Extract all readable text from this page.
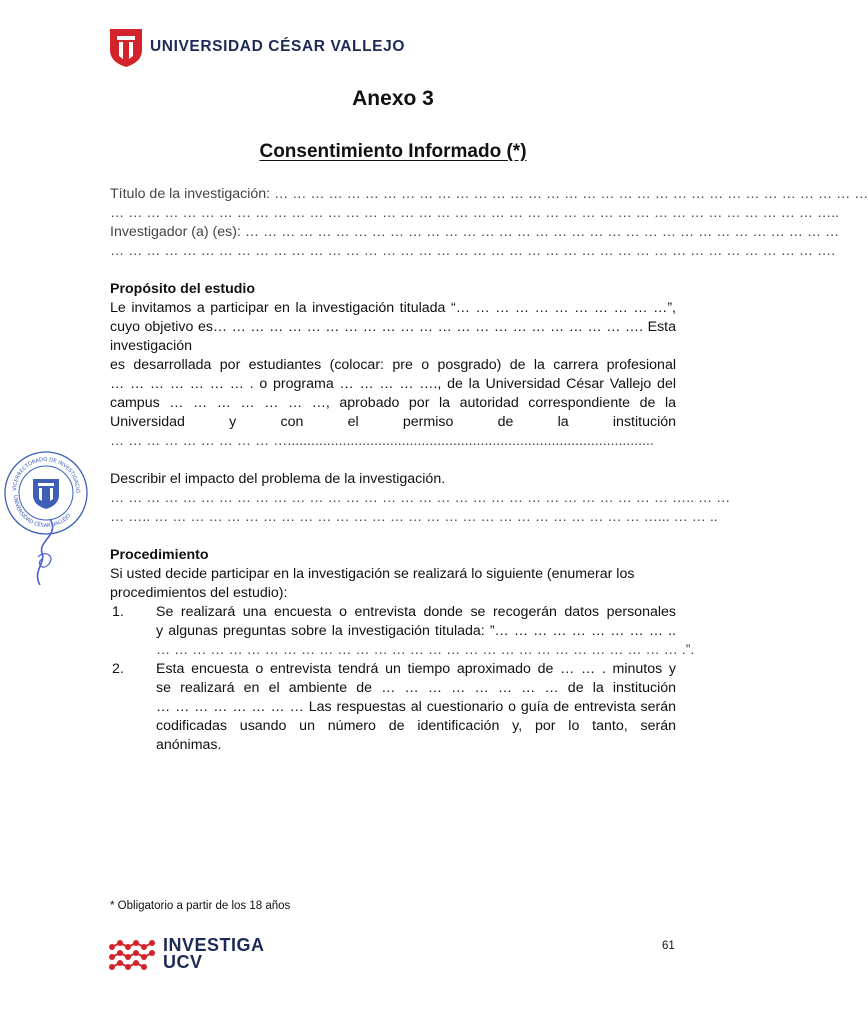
UNIVERSIDAD CÉSAR VALLEJO
Anexo 3
Consentimiento Informado (*)
VICERRECTORADO DE INVESTIGACIÓ
UNIVERSIDAD CÉSAR VALLEJO

Título de la investigación: … … … … … … … … … … … … … … … … … … … … … … … … … … … … … … … … …

… … … … … … … … … … … … … … … … … … … … … … … … … … … … … … … … … … … … … … … …..

Investigador (a) (es): … … … … … … … … … … … … … … … … … … … … … … … … … … … … … … … … …

… … … … … … … … … … … … … … … … … … … … … … … … … … … … … … … … … … … … … … … ….

Propósito del estudio

Le invitamos a participar en la investigación titulada “… … … … … … … … … … …”,

cuyo objetivo es… … … … … … … … … … … … … … … … … … … … … … …. Esta investigación

es desarrollada por estudiantes (colocar: pre o posgrado) de la carrera profesional

… … … … … … … . o programa … … … … …., de la Universidad César Vallejo del

campus … … … … … … …, aprobado por la autoridad correspondiente de la

Universidad y con el permiso de la institución

… … … … … … … … … ….............................................................................................

Describir el impacto del problema de la investigación.

… … … … … … … … … … … … … … … … … … … … … … … … … … … … … … … ….. … …

… ….. … … … … … … … … … … … … … … … … … … … … … … … … … … … …... … … ..

Procedimiento

Si usted decide participar en la investigación se realizará lo siguiente (enumerar los procedimientos del estudio):

1. Se realizará una encuesta o entrevista donde se recogerán datos personales

y algunas preguntas sobre la investigación titulada: ”… … … … … … … … … ..

… … … … … … … … … … … … … … … … … … … … … … … … … … … … … .”.

2. Esta encuesta o entrevista tendrá un tiempo aproximado de … … . minutos y

se realizará en el ambiente de … … … … … … … … de la institución

… … … … … … … … Las respuestas al cuestionario o guía de entrevista serán

codificadas usando un número de identificación y, por lo tanto, serán

anónimas.

* Obligatorio a partir de los 18 años
61
INVESTIGA
UCV
